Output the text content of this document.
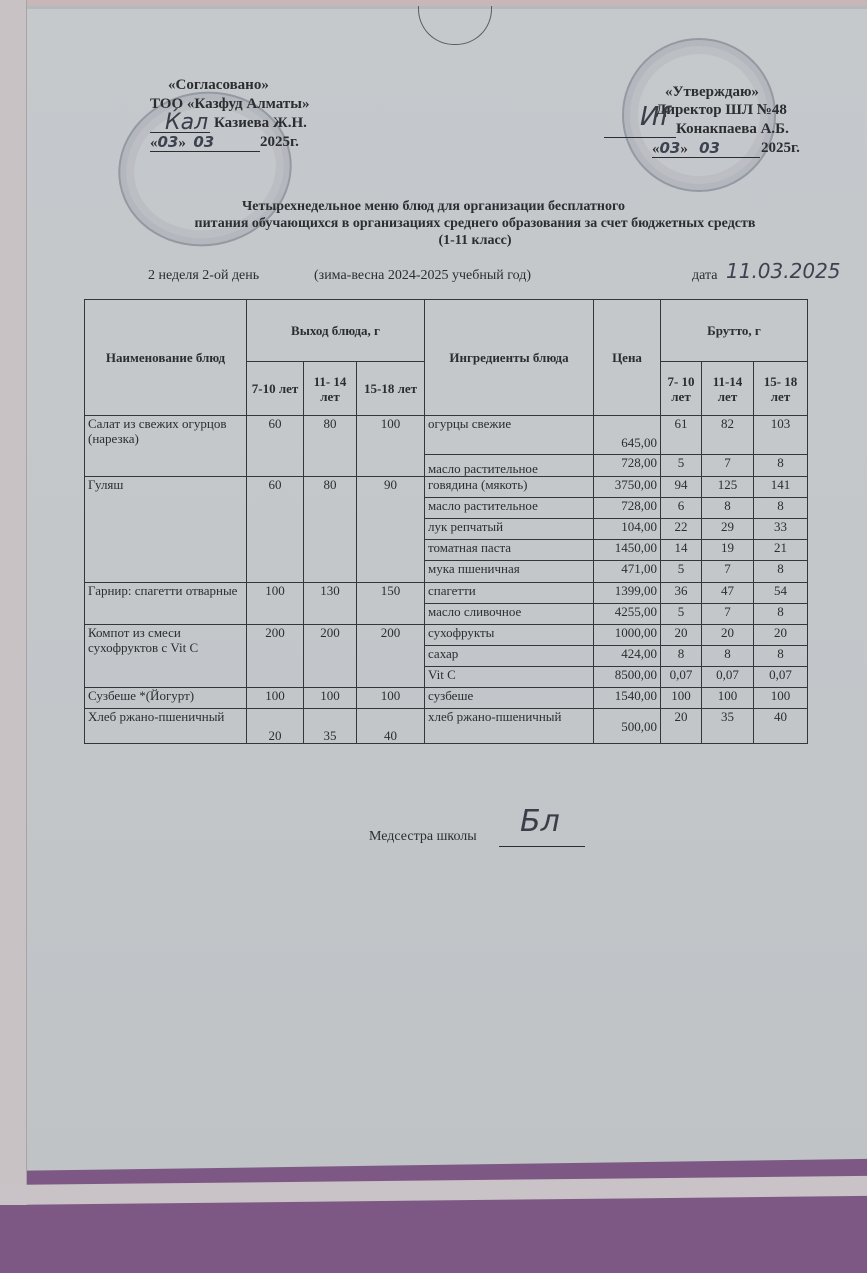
«Согласовано»
ТОО «Казфуд Алматы»
Казиева Ж.Н.
Ќал
«03»  03	2025г.
«Утверждаю»
Директор ШЛ №48
Иf Конакпаева А.Б.
«03»   03	2025г.
Четырехнедельное меню блюд для организации бесплатного
питания обучающихся в организациях среднего образования за счет бюджетных средств
(1-11 класс)
2 неделя 2-ой день	(зима-весна 2024-2025 учебный год)	дата 11.03.2025
Наименование блюд	Выход блюда, г			Ингредиенты блюда	Цена	Брутто, г		
	7-10 лет	11- 14 лет	15-18 лет			7- 10 лет	11-14 лет	15- 18 лет
Салат из свежих огурцов (нарезка)	60	80	100	огурцы свежие	645,00	61	82	103
				масло растительное	728,00	5	7	8
Гуляш	60	80	90	говядина (мякоть)	3750,00	94	125	141
				масло растительное	728,00	6	8	8
				лук репчатый	104,00	22	29	33
				томатная паста	1450,00	14	19	21
				мука пшеничная	471,00	5	7	8
Гарнир: спагетти отварные	100	130	150	спагетти	1399,00	36	47	54
				масло сливочное	4255,00	5	7	8
Компот из смеси сухофруктов с Vit C	200	200	200	сухофрукты	1000,00	20	20	20
				сахар	424,00	8	8	8
				Vit C	8500,00	0,07	0,07	0,07
Сузбеше *(Йогурт)	100	100	100	сузбеше	1540,00	100	100	100
Хлеб ржано-пшеничный	20	35	40	хлеб ржано-пшеничный	500,00	20	35	40
Медсестра школы Бл
